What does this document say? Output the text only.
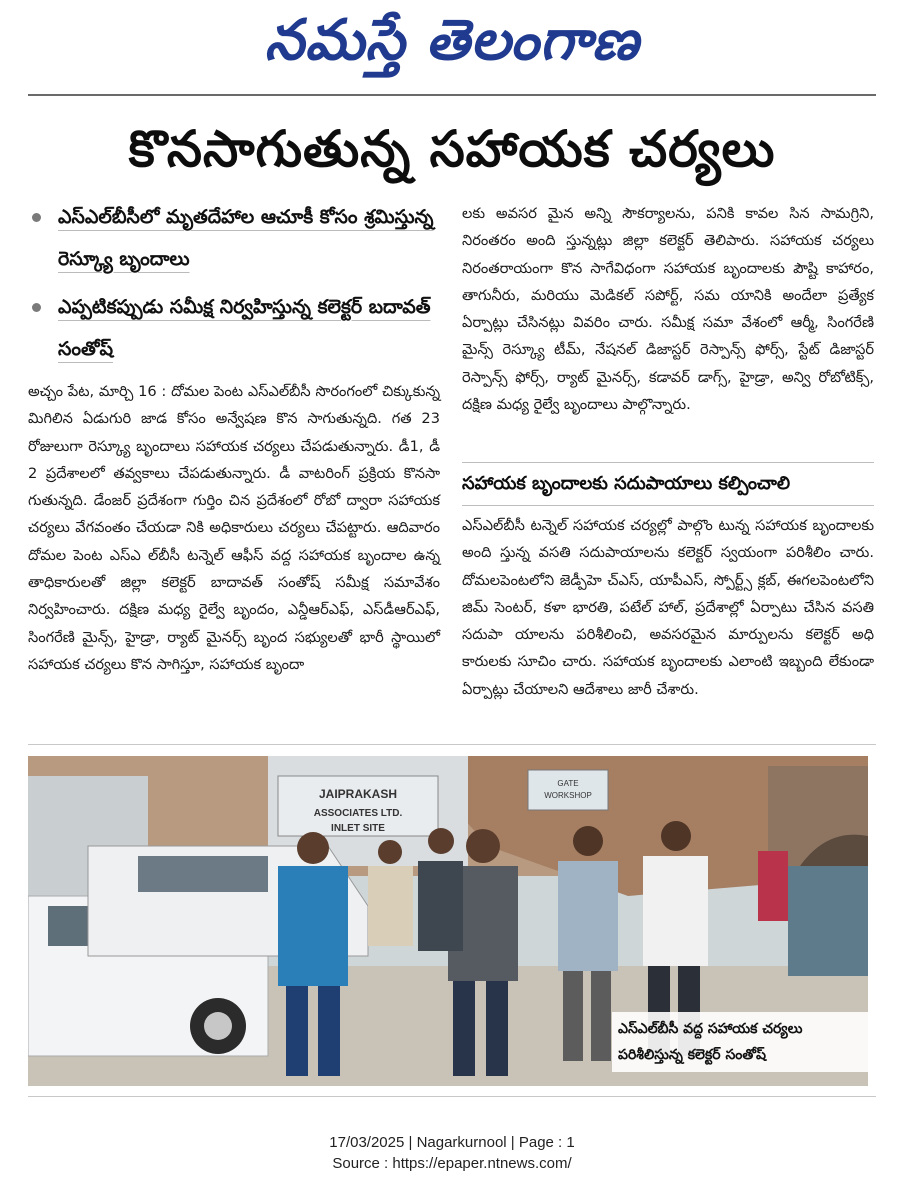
నమస్తే తెలంగాణ
కొనసాగుతున్న సహాయక చర్యలు
ఎస్‌ఎల్‌బీసీలో మృతదేహాల ఆచూకీ కోసం శ్రమిస్తున్న రెస్క్యూ బృందాలు
ఎప్పటికప్పుడు సమీక్ష నిర్వహిస్తున్న కలెక్టర్ బదావత్ సంతోష్
అచ్చం పేట, మార్చి 16 : దోమల పెంట ఎస్‌ఎల్‌బీసీ సొరంగంలో చిక్కుకున్న మిగిలిన ఏడుగురి జాడ కోసం అన్వేషణ కొన సాగుతున్నది. గత 23 రోజులుగా రెస్క్యూ బృందాలు సహాయక చర్యలు చేపడుతున్నారు. డీ1, డీ 2 ప్రదేశాలలో తవ్వకాలు చేపడుతున్నారు. డీ వాటరింగ్ ప్రక్రియ కొనసా గుతున్నది. డేంజర్ ప్రదేశంగా గుర్తిం చిన ప్రదేశంలో రోబో ద్వారా సహాయక చర్యలు వేగవంతం చేయడా నికి అధికారులు చర్యలు చేపట్టారు. ఆదివారం దోమల పెంట ఎస్ఎ ల్‌బీసీ టన్నెల్ ఆఫీస్ వద్ద సహాయక బృందాల ఉన్న తాధికారులతో జిల్లా కలెక్టర్ బాదావత్ సంతోష్ సమీక్ష సమావేశం నిర్వహించారు. దక్షిణ మధ్య రైల్వే బృందం, ఎన్డీఆర్ఎఫ్, ఎస్‌డీఆర్ఎఫ్, సింగరేణి మైన్స్, హైడ్రా, ర్యాట్ మైనర్స్ బృంద సభ్యులతో భారీ స్థాయిలో సహాయక చర్యలు కొన సాగిస్తూ, సహాయక బృందా
లకు అవసర మైన అన్ని సౌకర్యాలను, పనికి కావల సిన సామగ్రిని, నిరంతరం అంది స్తున్నట్లు జిల్లా కలెక్టర్ తెలిపారు. సహాయక చర్యలు నిరంతరాయంగా కొన సాగేవిధంగా సహాయక బృందాలకు పౌష్టి కాహారం, తాగునీరు, మరియు మెడికల్ సపోర్ట్, సమ యానికి అందేలా ప్రత్యేక ఏర్పాట్లు చేసినట్లు వివరిం చారు. సమీక్ష సమా వేశంలో ఆర్మీ, సింగరేణి మైన్స్ రెస్క్యూ టీమ్, నేషనల్ డిజాస్టర్ రెస్పాన్స్ ఫోర్స్, స్టేట్ డిజాస్టర్ రెస్పాన్స్ ఫోర్స్, ర్యాట్ మైనర్స్, కడావర్ డాగ్స్, హైడ్రా, అన్వి రోబోటిక్స్, దక్షిణ మధ్య రైల్వే బృందాలు పాల్గొన్నారు.
సహాయక బృందాలకు సదుపాయాలు కల్పించాలి
ఎస్‌ఎల్‌బీసీ టన్నెల్ సహాయక చర్యల్లో పాల్గొం టున్న సహాయక బృందాలకు అంది స్తున్న వసతి సదుపాయాలను కలెక్టర్ స్వయంగా పరిశీలిం చారు. దోమలపెంటలోని జెడ్పీహె చ్‌ఎస్, యాపీఎస్, స్పోర్ట్స్ క్లబ్, ఈగలపెంటలోని జిమ్ సెంటర్, కళా భారతి, పటేల్ హాల్, ప్రదేశాల్లో ఏర్పాటు చేసిన వసతి సదుపా యాలను పరిశీలించి, అవసరమైన మార్పులను కలెక్టర్ అధి కారులకు సూచిం చారు. సహాయక బృందాలకు ఎలాంటి ఇబ్బంది లేకుండా ఏర్పాట్లు చేయాలని ఆదేశాలు జారీ చేశారు.
JAIPRAKASH
ASSOCIATES LTD.
INLET SITE
GATE
WORKSHOP
ఎస్‌ఎల్‌బీసీ వద్ద సహాయక చర్యలు పరిశీలిస్తున్న కలెక్టర్ సంతోష్
17/03/2025 | Nagarkurnool | Page : 1
Source : https://epaper.ntnews.com/
